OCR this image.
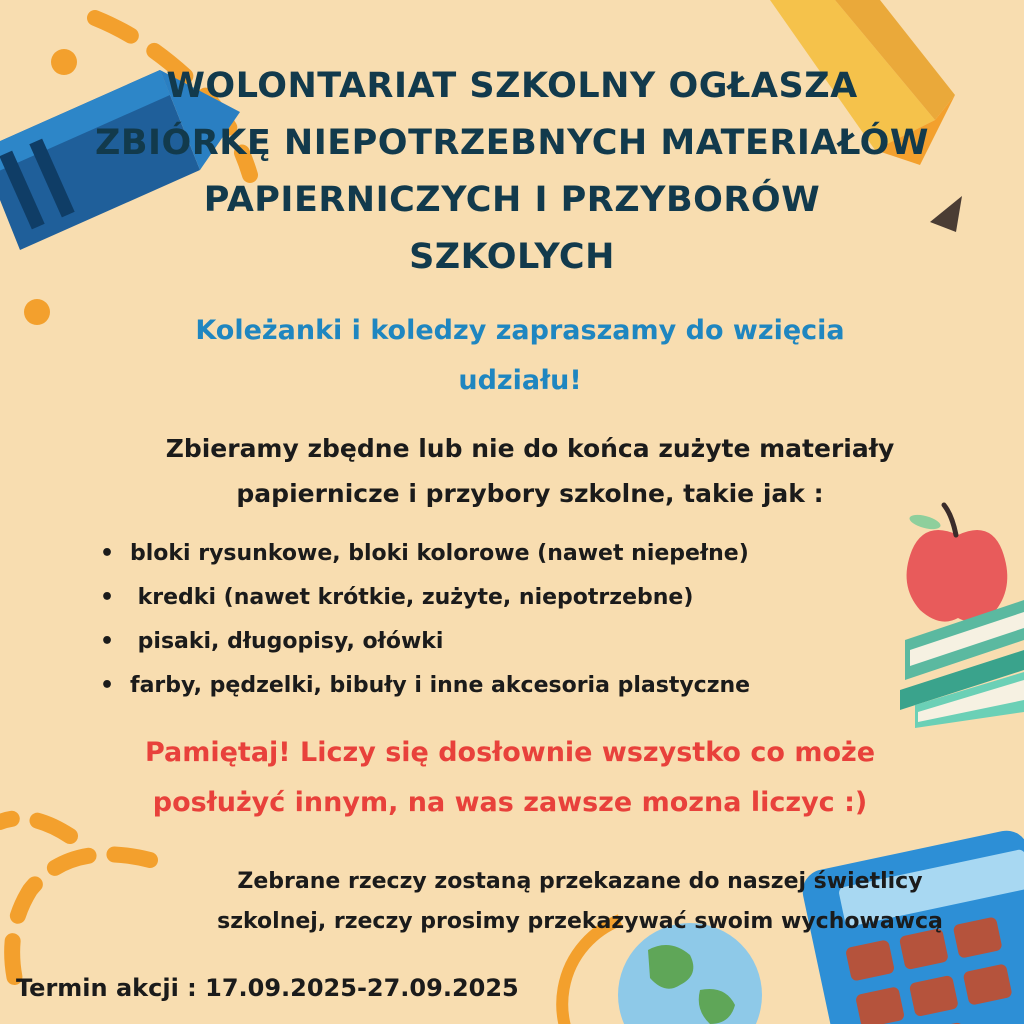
WOLONTARIAT SZKOLNY OGŁASZA
ZBIÓRKĘ NIEPOTRZEBNYCH MATERIAŁÓW
PAPIERNICZYCH I PRZYBORÓW
SZKOLYCH
Koleżanki i koledzy zapraszamy do wzięcia
udziału!
Zbieramy zbędne lub nie do końca zużyte materiały
papiernicze i przybory szkolne, takie jak :
• bloki rysunkowe, bloki kolorowe (nawet niepełne)
• kredki (nawet krótkie, zużyte, niepotrzebne)
• pisaki, długopisy, ołówki
• farby, pędzelki, bibuły i inne akcesoria plastyczne
Pamiętaj! Liczy się dosłownie wszystko co może
posłużyć innym, na was zawsze mozna liczyc :)
Zebrane rzeczy zostaną przekazane do naszej świetlicy
szkolnej, rzeczy prosimy przekazywać swoim wychowawcą
Termin akcji : 17.09.2025-27.09.2025
